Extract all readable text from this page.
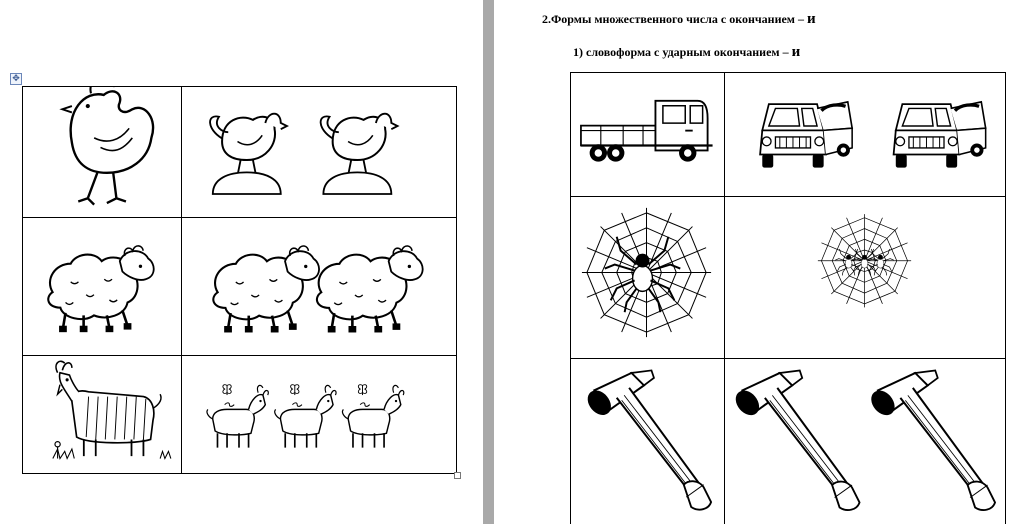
✥

2.Формы множественного числа с окончанием – и
1) словоформа с ударным окончанием – и
